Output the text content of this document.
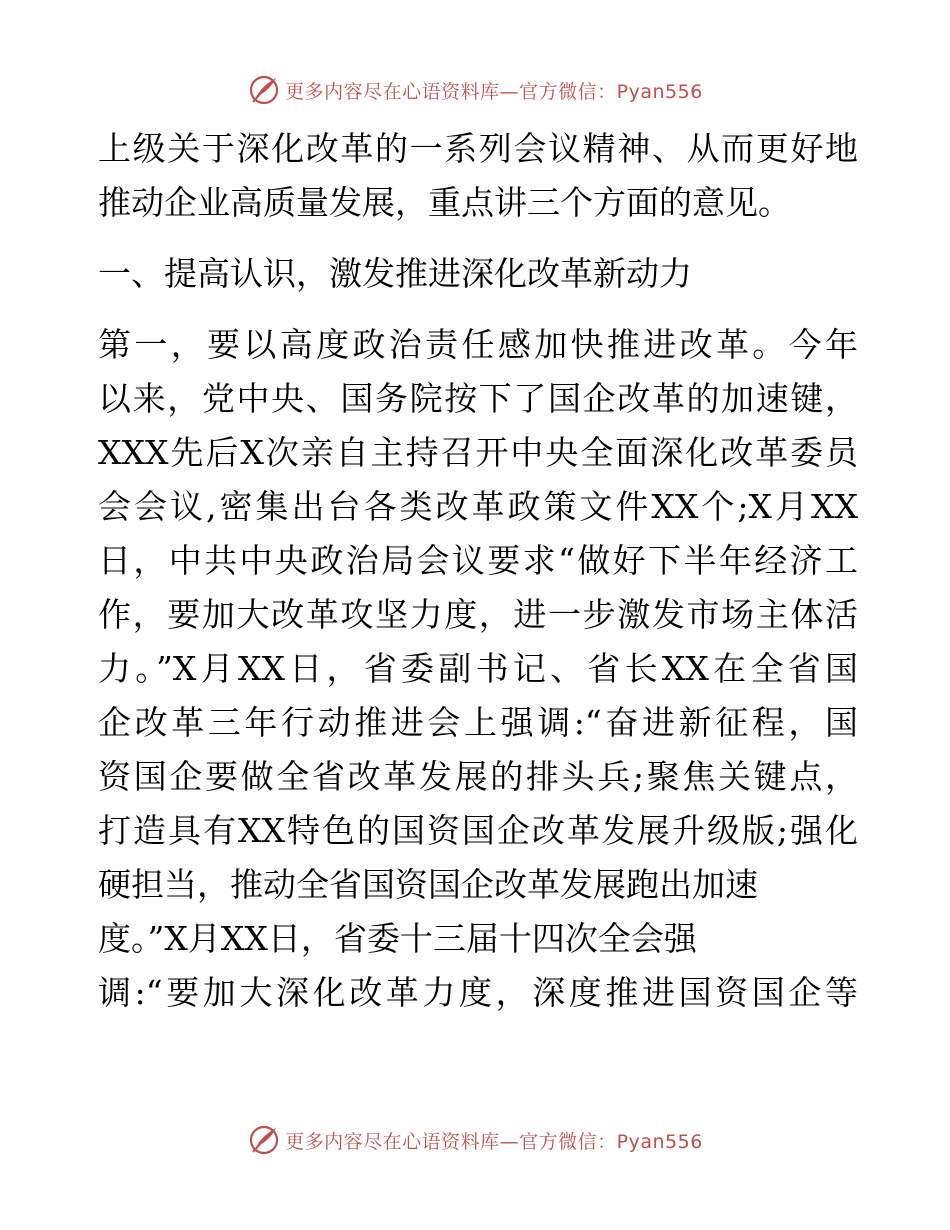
更多内容尽在心语资料库—官方微信：Pyan556
上级关于深化改革的一系列会议精神、从而更好地
推动企业高质量发展，重点讲三个方面的意见。
一、提高认识，激发推进深化改革新动力
第一，要以高度政治责任感加快推进改革。今年
以来，党中央、国务院按下了国企改革的加速键，
XXX先后X次亲自主持召开中央全面深化改革委员
会会议,密集出台各类改革政策文件XX个;X月XX
日，中共中央政治局会议要求“做好下半年经济工
作，要加大改革攻坚力度，进一步激发市场主体活
力。”X月XX日，省委副书记、省长XX在全省国
企改革三年行动推进会上强调:“奋进新征程，国
资国企要做全省改革发展的排头兵;聚焦关键点，
打造具有XX特色的国资国企改革发展升级版;强化
硬担当，推动全省国资国企改革发展跑出加速
度。”X月XX日，省委十三届十四次全会强
调:“要加大深化改革力度，深度推进国资国企等
更多内容尽在心语资料库—官方微信：Pyan556
